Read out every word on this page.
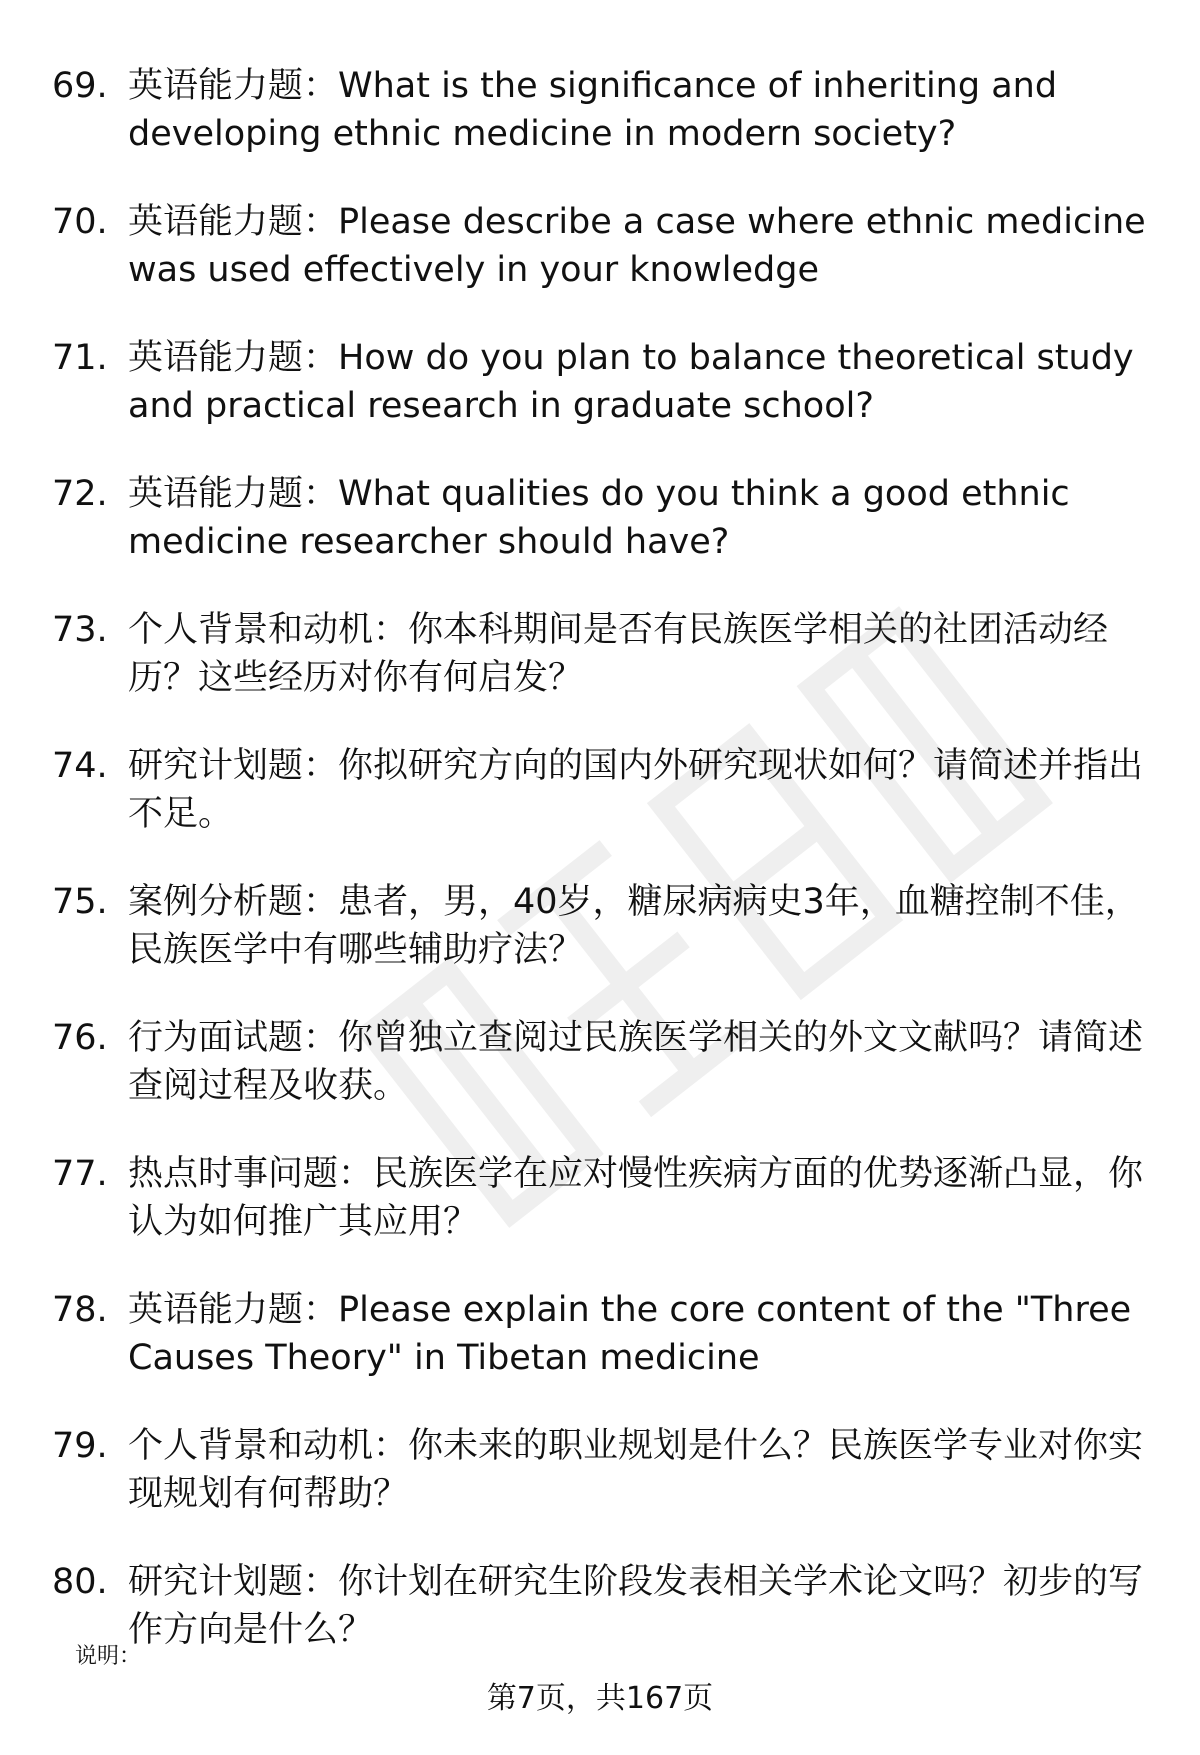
69. 英语能力题：What is the significance of inheriting and developing ethnic medicine in modern society?
70. 英语能力题：Please describe a case where ethnic medicine was used effectively in your knowledge
71. 英语能力题：How do you plan to balance theoretical study and practical research in graduate school?
72. 英语能力题：What qualities do you think a good ethnic medicine researcher should have?
73. 个人背景和动机：你本科期间是否有民族医学相关的社团活动经历？这些经历对你有何启发？
74. 研究计划题：你拟研究方向的国内外研究现状如何？请简述并指出不足。
75. 案例分析题：患者，男，40岁，糖尿病病史3年，血糖控制不佳，民族医学中有哪些辅助疗法？
76. 行为面试题：你曾独立查阅过民族医学相关的外文文献吗？请简述查阅过程及收获。
77. 热点时事问题：民族医学在应对慢性疾病方面的优势逐渐凸显，你认为如何推广其应用？
78. 英语能力题：Please explain the core content of the "Three Causes Theory" in Tibetan medicine
79. 个人背景和动机：你未来的职业规划是什么？民族医学专业对你实现规划有何帮助？
80. 研究计划题：你计划在研究生阶段发表相关学术论文吗？初步的写作方向是什么？
说明：
第7页，共167页
